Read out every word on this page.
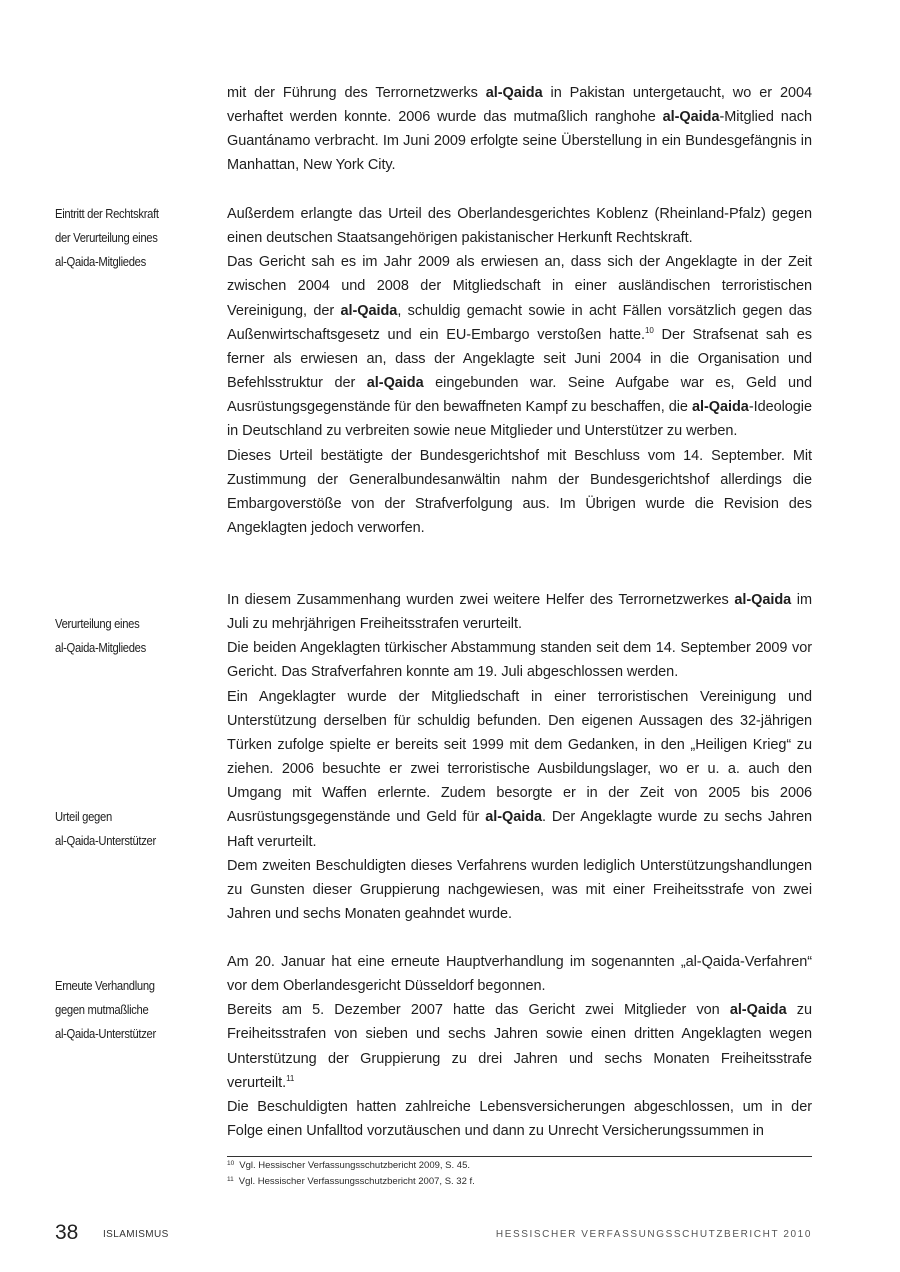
mit der Führung des Terrornetzwerks al-Qaida in Pakistan untergetaucht, wo er 2004 verhaftet werden konnte. 2006 wurde das mutmaßlich ranghohe al-Qaida-Mitglied nach Guantánamo verbracht. Im Juni 2009 erfolgte seine Überstellung in ein Bundesgefängnis in Manhattan, New York City.

Außerdem erlangte das Urteil des Oberlandesgerichtes Koblenz (Rheinland-Pfalz) gegen einen deutschen Staatsangehörigen pakistanischer Herkunft Rechtskraft.

Das Gericht sah es im Jahr 2009 als erwiesen an, dass sich der Angeklagte in der Zeit zwischen 2004 und 2008 der Mitgliedschaft in einer ausländischen terroristischen Vereinigung, der al-Qaida, schuldig gemacht sowie in acht Fällen vorsätzlich gegen das Außenwirtschaftsgesetz und ein EU-Embargo verstoßen hatte.$^{10}$ Der Strafsenat sah es ferner als erwiesen an, dass der Angeklagte seit Juni 2004 in die Organisation und Befehlsstruktur der al-Qaida eingebunden war. Seine Aufgabe war es, Geld und Ausrüstungsgegenstände für den bewaffneten Kampf zu beschaffen, die al-Qaida-Ideologie in Deutschland zu verbreiten sowie neue Mitglieder und Unterstützer zu werben.

Dieses Urteil bestätigte der Bundesgerichtshof mit Beschluss vom 14. September. Mit Zustimmung der Generalbundesanwältin nahm der Bundesgerichtshof allerdings die Embargoverstöße von der Strafverfolgung aus. Im Übrigen wurde die Revision des Angeklagten jedoch verworfen.

In diesem Zusammenhang wurden zwei weitere Helfer des Terrornetzwerkes al-Qaida im Juli zu mehrjährigen Freiheitsstrafen verurteilt.

Die beiden Angeklagten türkischer Abstammung standen seit dem 14. September 2009 vor Gericht. Das Strafverfahren konnte am 19. Juli abgeschlossen werden.

Ein Angeklagter wurde der Mitgliedschaft in einer terroristischen Vereinigung und Unterstützung derselben für schuldig befunden. Den eigenen Aussagen des 32-jährigen Türken zufolge spielte er bereits seit 1999 mit dem Gedanken, in den „Heiligen Krieg“ zu ziehen. 2006 besuchte er zwei terroristische Ausbildungslager, wo er u. a. auch den Umgang mit Waffen erlernte. Zudem besorgte er in der Zeit von 2005 bis 2006 Ausrüstungsgegenstände und Geld für al-Qaida. Der Angeklagte wurde zu sechs Jahren Haft verurteilt.

Dem zweiten Beschuldigten dieses Verfahrens wurden lediglich Unterstützungshandlungen zu Gunsten dieser Gruppierung nachgewiesen, was mit einer Freiheitsstrafe von zwei Jahren und sechs Monaten geahndet wurde.

Am 20. Januar hat eine erneute Hauptverhandlung im sogenannten „al-Qaida-Verfahren“ vor dem Oberlandesgericht Düsseldorf begonnen.

Bereits am 5. Dezember 2007 hatte das Gericht zwei Mitglieder von al-Qaida zu Freiheitsstrafen von sieben und sechs Jahren sowie einen dritten Angeklagten wegen Unterstützung der Gruppierung zu drei Jahren und sechs Monaten Freiheitsstrafe verurteilt.$^{11}$

Die Beschuldigten hatten zahlreiche Lebensversicherungen abgeschlossen, um in der Folge einen Unfalltod vorzutäuschen und dann zu Unrecht Versicherungssummen in

Eintritt der Rechtskraft
der Verurteilung eines
al-Qaida-Mitgliedes
Verurteilung eines
al-Qaida-Mitgliedes
Urteil gegen
al-Qaida-Unterstützer
Erneute Verhandlung
gegen mutmaßliche
al-Qaida-Unterstützer
$^{10}$ Vgl. Hessischer Verfassungsschutzbericht 2009, S. 45.
$^{11}$ Vgl. Hessischer Verfassungsschutzbericht 2007, S. 32 f.
38 ISLAMISMUS	HESSISCHER VERFASSUNGSSCHUTZBERICHT 2010
